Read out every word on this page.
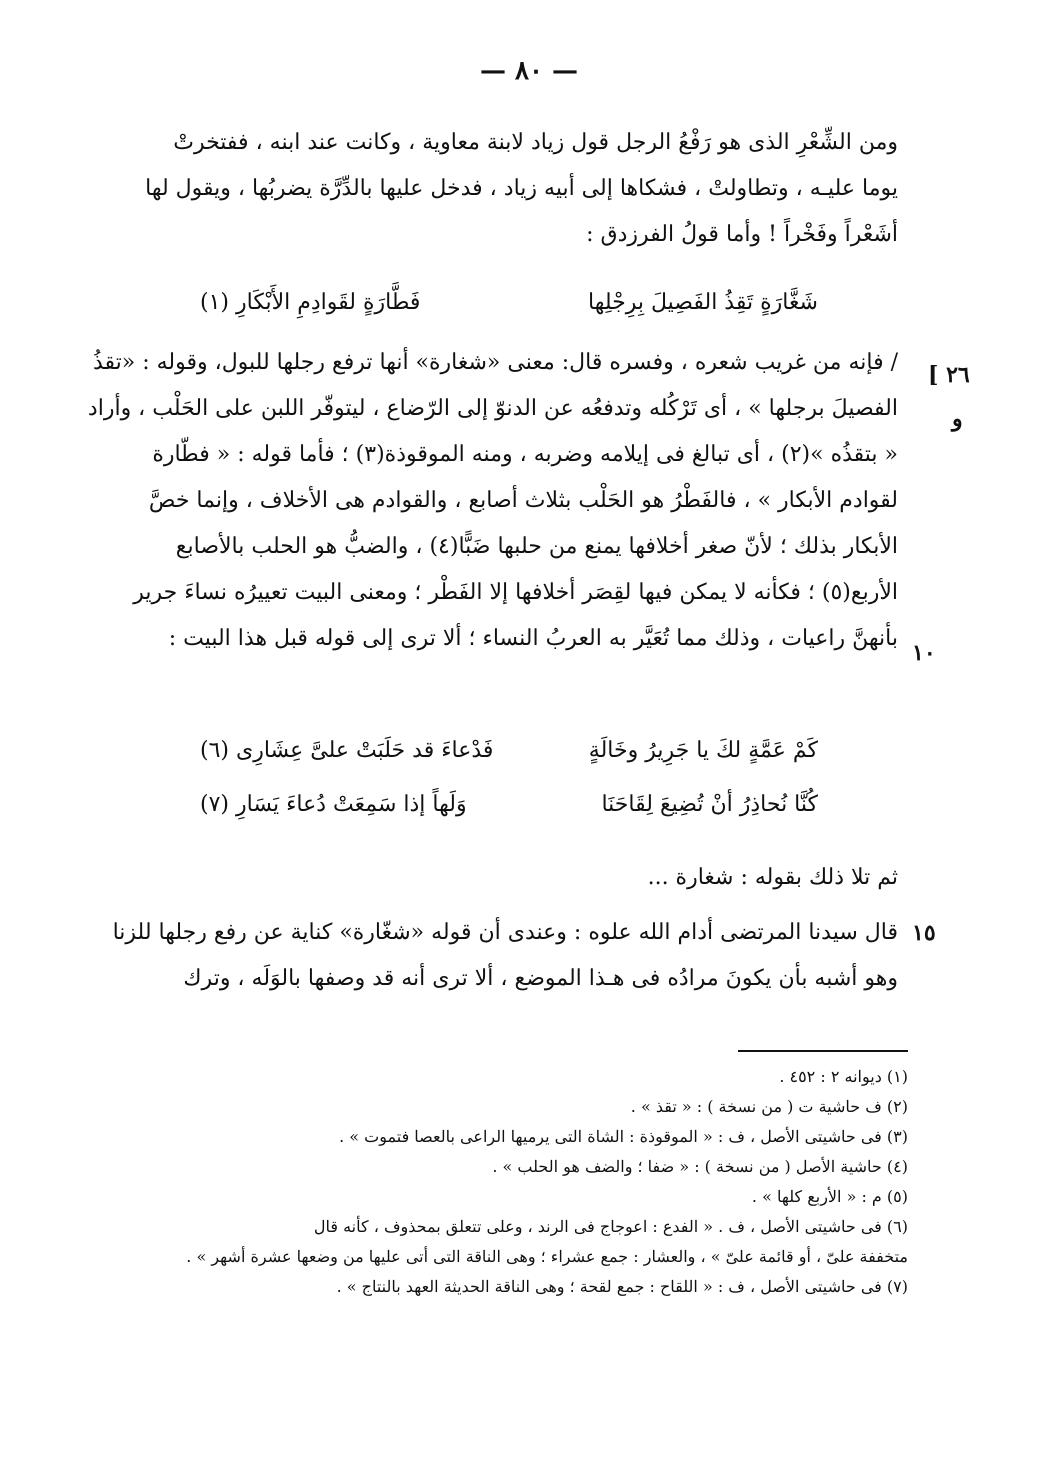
— ٨٠ —
ومن الشِّعْرِ الذى هو رَفْعُ الرجل قول زياد لابنة معاوية ، وكانت عند ابنه ، ففتخرتْ
يوما عليـه ، وتطاولتْ ، فشكاها إلى أبيه زياد ، فدخل عليها بالدِّرَّة يضربُها ، ويقول لها
أشَعْراً وفَخْراً ! وأما قولُ الفرزدق :
شَغَّارَةٍ تَقِذُ الفَصِيلَ بِرِجْلِها
فَطَّارَةٍ لقَوادِمِ الأَبْكَارِ (١)
[ ٢٦
و
/ فإنه من غريب شعره ، وفسره قال: معنى «شغارة» أنها ترفع رجلها للبول، وقوله : «تقذُ
الفصيلَ برجلها » ، أى تَرْكُله وتدفعُه عن الدنوّ إلى الرّضاع ، ليتوفّر اللبن على الحَلْب ، وأراد
« بتقذُه »(٢) ، أى تبالغ فى إيلامه وضربه ، ومنه الموقوذة(٣) ؛ فأما قوله : « فطّارة
لقوادم الأبكار » ، فالفَطْرُ هو الحَلْب بثلاث أصابع ، والقوادم هى الأخلاف ، وإنما خصَّ
الأبكار بذلك ؛ لأنّ صغر أخلافها يمنع من حلبها ضَبًّا(٤) ، والضبُّ هو الحلب بالأصابع
الأربع(٥) ؛ فكأنه لا يمكن فيها لقِصَر أخلافها إلا الفَطْر ؛ ومعنى البيت تعييرُه نساءَ جرير
بأنهنَّ راعيات ، وذلك مما تُعَيَّر به العربُ النساء ؛ ألا ترى إلى قوله قبل هذا البيت :
١٠
كَمْ عَمَّةٍ لكَ يا جَرِيرُ وخَالَةٍ
فَدْعاءَ قد حَلَبَتْ علىَّ عِشَارِى (٦)
كُنَّا نُحاذِرُ أنْ تُضِيعَ لِقَاحَنَا
وَلَهاً إذا سَمِعَتْ دُعاءَ يَسَارِ (٧)
ثم تلا ذلك بقوله : شغارة ...
١٥
قال سيدنا المرتضى أدام الله علوه : وعندى أن قوله «شغّارة» كناية عن رفع رجلها للزنا
وهو أشبه بأن يكونَ مرادُه فى هـذا الموضع ، ألا ترى أنه قد وصفها بالوَلَه ، وترك
(١) ديوانه ٢ : ٤٥٢ .
(٢) ف حاشية ت ( من نسخة ) : « تقذ » .
(٣) فى حاشيتى الأصل ، ف : « الموقوذة : الشاة التى يرميها الراعى بالعصا فتموت » .
(٤) حاشية الأصل ( من نسخة ) : « ضفا ؛ والضف هو الحلب » .
(٥) م : « الأربع كلها » .
(٦) فى حاشيتى الأصل ، ف . « الفدع : اعوجاج فى الرند ، وعلى تتعلق بمحذوف ، كأنه قال
متخففة علىّ ، أو قائمة علىّ » ، والعشار : جمع عشراء ؛ وهى الناقة التى أتى عليها من وضعها عشرة أشهر » .
(٧) فى حاشيتى الأصل ، ف : « اللقاح : جمع لقحة ؛ وهى الناقة الحديثة العهد بالنتاج » .
